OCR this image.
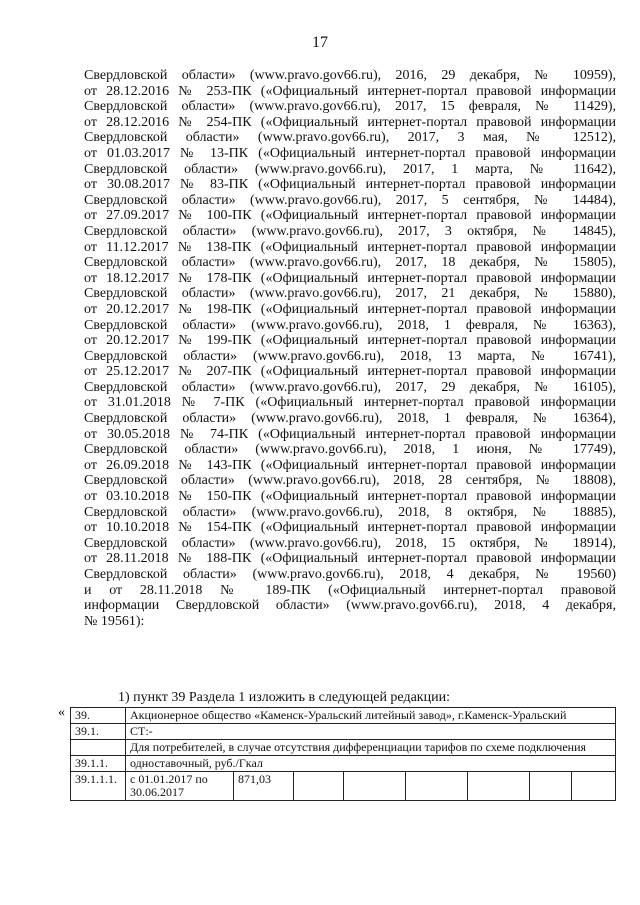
17
Свердловской области» (www.pravo.gov66.ru), 2016, 29 декабря, № 10959),
от 28.12.2016 № 253-ПК («Официальный интернет-портал правовой информации
Свердловской области» (www.pravo.gov66.ru), 2017, 15 февраля, № 11429),
от 28.12.2016 № 254-ПК («Официальный интернет-портал правовой информации
Свердловской области» (www.pravo.gov66.ru), 2017, 3 мая, № 12512),
от 01.03.2017 № 13-ПК («Официальный интернет-портал правовой информации
Свердловской области» (www.pravo.gov66.ru), 2017, 1 марта, № 11642),
от 30.08.2017 № 83-ПК («Официальный интернет-портал правовой информации
Свердловской области» (www.pravo.gov66.ru), 2017, 5 сентября, № 14484),
от 27.09.2017 № 100-ПК («Официальный интернет-портал правовой информации
Свердловской области» (www.pravo.gov66.ru), 2017, 3 октября, № 14845),
от 11.12.2017 № 138-ПК («Официальный интернет-портал правовой информации
Свердловской области» (www.pravo.gov66.ru), 2017, 18 декабря, № 15805),
от 18.12.2017 № 178-ПК («Официальный интернет-портал правовой информации
Свердловской области» (www.pravo.gov66.ru), 2017, 21 декабря, № 15880),
от 20.12.2017 № 198-ПК («Официальный интернет-портал правовой информации
Свердловской области» (www.pravo.gov66.ru), 2018, 1 февраля, № 16363),
от 20.12.2017 № 199-ПК («Официальный интернет-портал правовой информации
Свердловской области» (www.pravo.gov66.ru), 2018, 13 марта, № 16741),
от 25.12.2017 № 207-ПК («Официальный интернет-портал правовой информации
Свердловской области» (www.pravo.gov66.ru), 2017, 29 декабря, № 16105),
от 31.01.2018 № 7-ПК («Официальный интернет-портал правовой информации
Свердловской области» (www.pravo.gov66.ru), 2018, 1 февраля, № 16364),
от 30.05.2018 № 74-ПК («Официальный интернет-портал правовой информации
Свердловской области» (www.pravo.gov66.ru), 2018, 1 июня, № 17749),
от 26.09.2018 № 143-ПК («Официальный интернет-портал правовой информации
Свердловской области» (www.pravo.gov66.ru), 2018, 28 сентября, № 18808),
от 03.10.2018 № 150-ПК («Официальный интернет-портал правовой информации
Свердловской области» (www.pravo.gov66.ru), 2018, 8 октября, № 18885),
от 10.10.2018 № 154-ПК («Официальный интернет-портал правовой информации
Свердловской области» (www.pravo.gov66.ru), 2018, 15 октября, № 18914),
от 28.11.2018 № 188-ПК («Официальный интернет-портал правовой информации
Свердловской области» (www.pravo.gov66.ru), 2018, 4 декабря, № 19560)
и от 28.11.2018 № 189-ПК («Официальный интернет-портал правовой
информации Свердловской области» (www.pravo.gov66.ru), 2018, 4 декабря,
№ 19561):
1) пункт 39 Раздела 1 изложить в следующей редакции:
« 39.	Акционерное общество «Каменск-Уральский литейный завод», г.Каменск-Уральский							
39.1.	СТ:-							
	Для потребителей, в случае отсутствия дифференциации тарифов по схеме подключения							
39.1.1.	одноставочный, руб./Гкал							
39.1.1.1.	с 01.01.2017 по 30.06.2017	871,03						
